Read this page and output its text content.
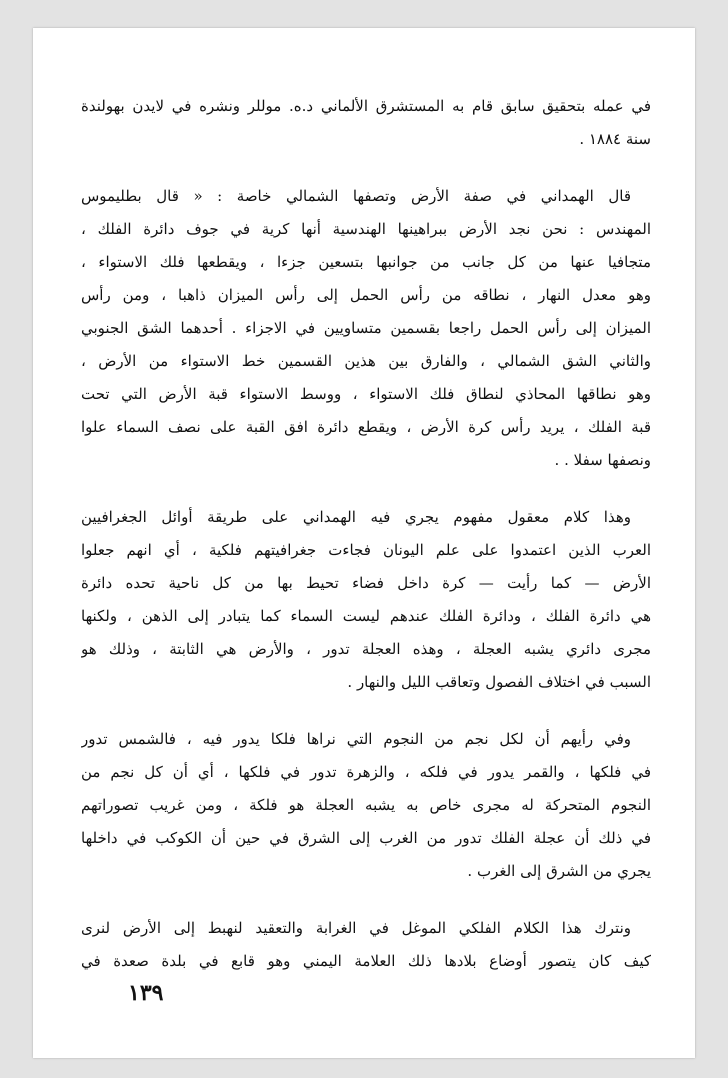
في عمله بتحقيق سابق قام به المستشرق الألماني د.ه. موللر ونشره في لايدن بهولندة
سنة ١٨٨٤ .
قال الهمداني في صفة الأرض وتصفها الشمالي خاصة : « قال بطليموس
المهندس : نحن نجد الأرض ببراهينها الهندسية أنها كرية في جوف دائرة الفلك ،
متجافيا عنها من كل جانب من جوانبها بتسعين جزءا ، ويقطعها فلك الاستواء ،
وهو معدل النهار ، نطاقه من رأس الحمل إلى رأس الميزان ذاهبا ، ومن رأس
الميزان إلى رأس الحمل راجعا بقسمين متساويين في الاجزاء . أحدهما الشق الجنوبي
والثاني الشق الشمالي ، والفارق بين هذين القسمين خط الاستواء من الأرض ،
وهو نطاقها المحاذي لنطاق فلك الاستواء ، ووسط الاستواء قبة الأرض التي تحت
قبة الفلك ، يريد رأس كرة الأرض ، ويقطع دائرة افق القبة على نصف السماء علوا
ونصفها سفلا . .
وهذا كلام معقول مفهوم يجري فيه الهمداني على طريقة أوائل الجغرافيين
العرب الذين اعتمدوا على علم اليونان فجاءت جغرافيتهم فلكية ، أي انهم جعلوا
الأرض — كما رأيت — كرة داخل فضاء تحيط بها من كل ناحية تحده دائرة
هي دائرة الفلك ، ودائرة الفلك عندهم ليست السماء كما يتبادر إلى الذهن ، ولكنها
مجرى دائري يشبه العجلة ، وهذه العجلة تدور ، والأرض هي الثابتة ، وذلك هو
السبب في اختلاف الفصول وتعاقب الليل والنهار .
وفي رأيهم أن لكل نجم من النجوم التي نراها فلكا يدور فيه ، فالشمس تدور
في فلكها ، والقمر يدور في فلكه ، والزهرة تدور في فلكها ، أي أن كل نجم من
النجوم المتحركة له مجرى خاص به يشبه العجلة هو فلكة ، ومن غريب تصوراتهم
في ذلك أن عجلة الفلك تدور من الغرب إلى الشرق في حين أن الكوكب في داخلها
يجري من الشرق إلى الغرب .
ونترك هذا الكلام الفلكي الموغل في الغرابة والتعقيد لنهبط إلى الأرض لنرى
كيف كان يتصور أوضاع بلادها ذلك العلامة اليمني وهو قابع في بلدة صعدة في
١٣٩
